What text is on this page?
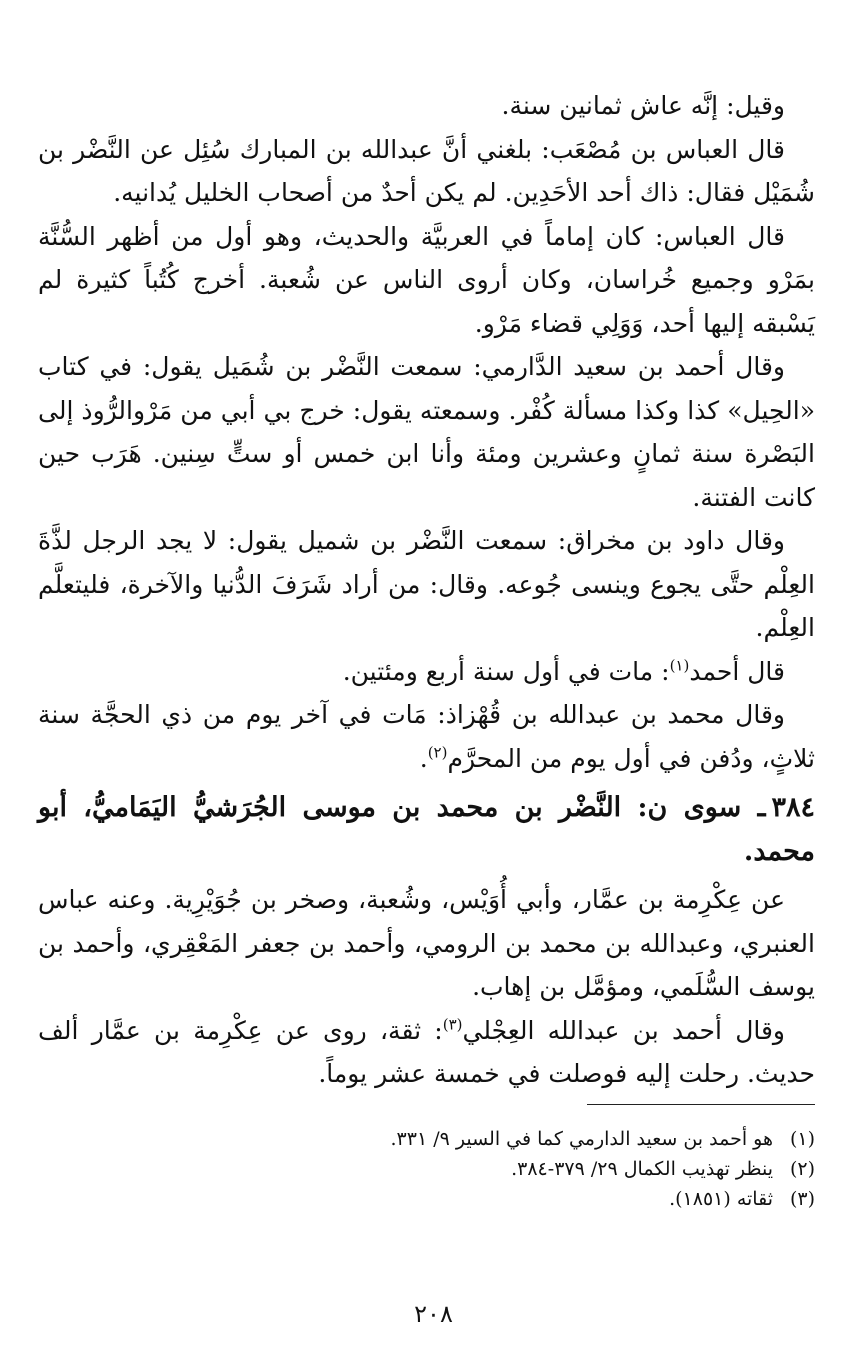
وقيل: إنَّه عاش ثمانين سنة.

قال العباس بن مُصْعَب: بلغني أنَّ عبدالله بن المبارك سُئِل عن النَّضْر بن شُمَيْل فقال: ذاك أحد الأحَدِين. لم يكن أحدٌ من أصحاب الخليل يُدانيه.

قال العباس: كان إماماً في العربيَّة والحديث، وهو أول من أظهر السُّنَّة بمَرْو وجميع خُراسان، وكان أروى الناس عن شُعبة. أخرج كُتُباً كثيرة لم يَسْبقه إليها أحد، وَوَلِي قضاء مَرْو.

وقال أحمد بن سعيد الدَّارمي: سمعت النَّضْر بن شُمَيل يقول: في كتاب «الحِيل» كذا وكذا مسألة كُفْر. وسمعته يقول: خرج بي أبي من مَرْوالرُّوذ إلى البَصْرة سنة ثمانٍ وعشرين ومئة وأنا ابن خمس أو ستٍّ سِنين. هَرَب حين كانت الفتنة.

وقال داود بن مخراق: سمعت النَّضْر بن شميل يقول: لا يجد الرجل لذَّةَ العِلْم حتَّى يجوع وينسى جُوعه. وقال: من أراد شَرَفَ الدُّنيا والآخرة، فليتعلَّم العِلْم.

قال أحمد$^{(١)}$: مات في أول سنة أربع ومئتين.

وقال محمد بن عبدالله بن قُهْزاذ: مَات في آخر يوم من ذي الحجَّة سنة ثلاثٍ، ودُفن في أول يوم من المحرَّم$^{(٢)}$.

٣٨٤ـ سوى ن: النَّضْر بن محمد بن موسى الجُرَشيُّ اليَمَاميُّ، أبو محمد.

عن عِكْرِمة بن عمَّار، وأبي أُوَيْس، وشُعبة، وصخر بن جُوَيْرِية. وعنه عباس العنبري، وعبدالله بن محمد بن الرومي، وأحمد بن جعفر المَعْقِري، وأحمد بن يوسف السُّلَمي، ومؤمَّل بن إهاب.

وقال أحمد بن عبدالله العِجْلي$^{(٣)}$: ثقة، روى عن عِكْرِمة بن عمَّار ألف حديث. رحلت إليه فوصلت في خمسة عشر يوماً.

(١)هو أحمد بن سعيد الدارمي كما في السير ٩/ ٣٣١.
(٢)ينظر تهذيب الكمال ٢٩/ ٣٧٩-٣٨٤.
(٣)ثقاته (١٨٥١).
٢٠٨
